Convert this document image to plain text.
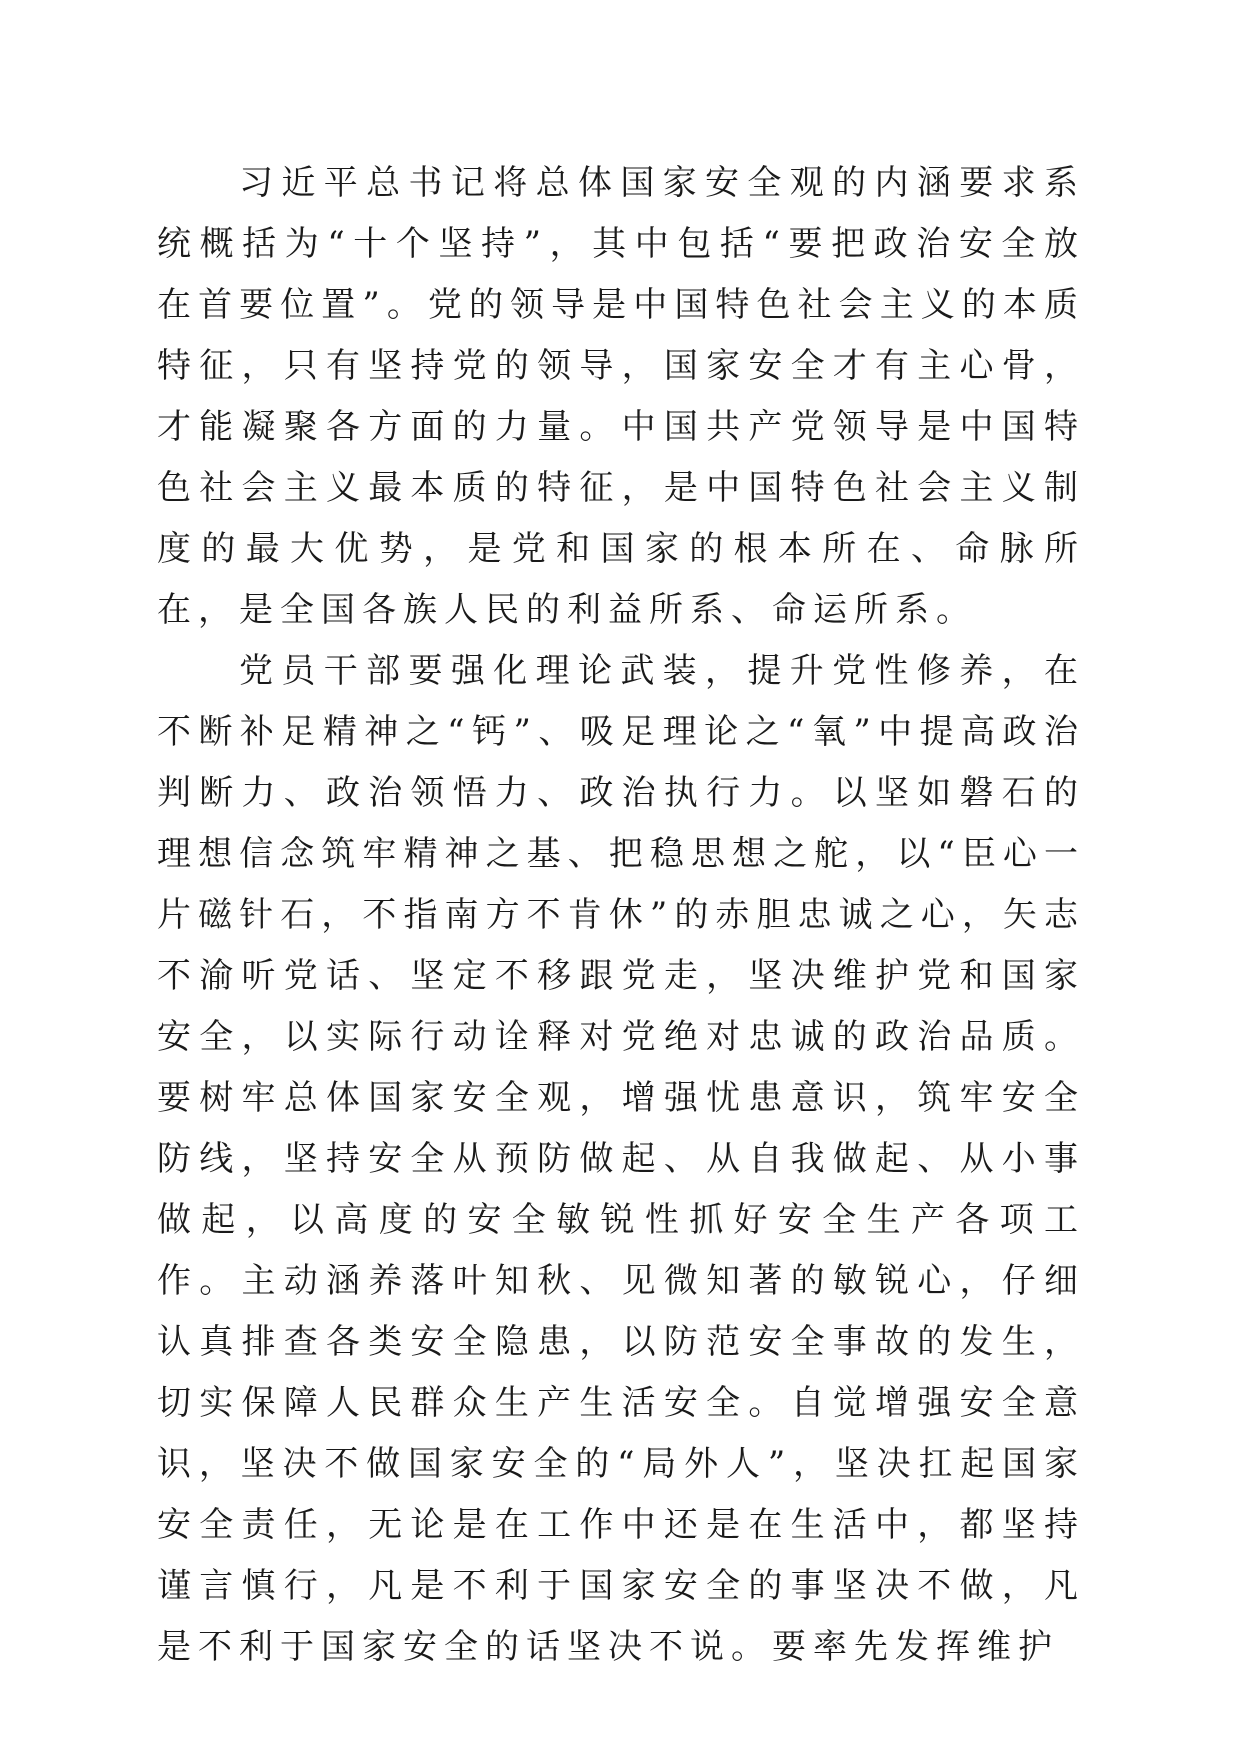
习近平总书记将总体国家安全观的内涵要求系统概括为“十个坚持”，其中包括“要把政治安全放在首要位置”。党的领导是中国特色社会主义的本质特征，只有坚持党的领导，国家安全才有主心骨，才能凝聚各方面的力量。中国共产党领导是中国特色社会主义最本质的特征，是中国特色社会主义制度的最大优势，是党和国家的根本所在、命脉所在，是全国各族人民的利益所系、命运所系。

党员干部要强化理论武装，提升党性修养，在不断补足精神之“钙”、吸足理论之“氧”中提高政治判断力、政治领悟力、政治执行力。以坚如磐石的理想信念筑牢精神之基、把稳思想之舵，以“臣心一片磁针石，不指南方不肯休”的赤胆忠诚之心，矢志不渝听党话、坚定不移跟党走，坚决维护党和国家安全，以实际行动诠释对党绝对忠诚的政治品质。要树牢总体国家安全观，增强忧患意识，筑牢安全防线，坚持安全从预防做起、从自我做起、从小事做起，以高度的安全敏锐性抓好安全生产各项工作。主动涵养落叶知秋、见微知著的敏锐心，仔细认真排查各类安全隐患，以防范安全事故的发生，切实保障人民群众生产生活安全。自觉增强安全意识，坚决不做国家安全的“局外人”，坚决扛起国家安全责任，无论是在工作中还是在生活中，都坚持谨言慎行，凡是不利于国家安全的事坚决不做，凡是不利于国家安全的话坚决不说。要率先发挥维护
